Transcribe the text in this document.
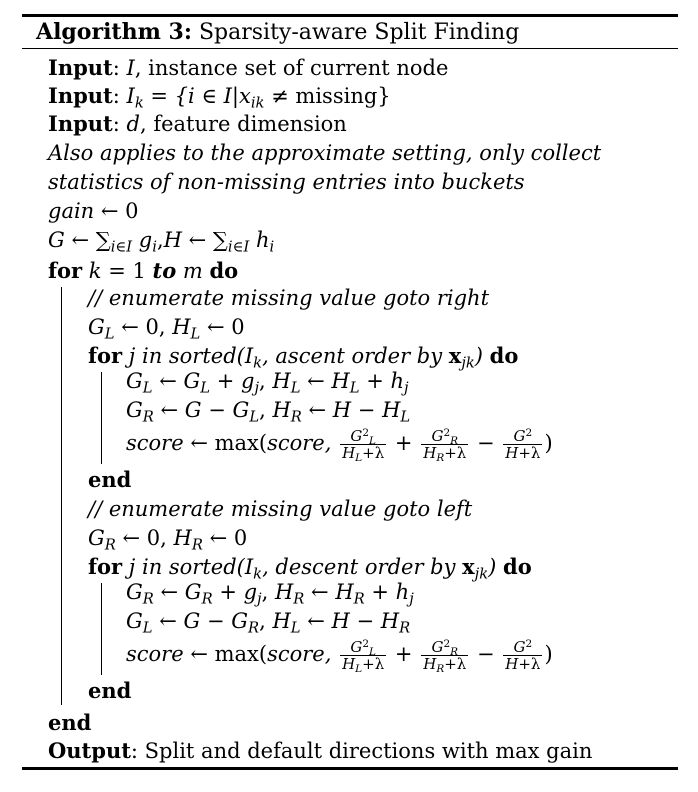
Algorithm 3: Sparsity-aware Split Finding
Input: I, instance set of current node
Input: $I_k = \{i$ ∈ $I|x_{ik} \ne missing$}
Input: d, feature dimension
Also applies to the approximate setting, only collect
statistics of non-missing entries into buckets
gain ← 0
G ← $\sum_{i\in I}$ $g_i,H$ ← $\sum_{i\in I}$ $h_i$
for k = 1 to m do
// enumerate missing value goto right
$G_L$ ← 0, $H_L$ ← 0
for j in $sorted(I_k$, ascent order by $x_{jk}$) do
$G_L$ ← $G_L + g_j$, $H_L$ ← $H_L + h_j$
$G_R$ ← $G - G_L$, $H_R$ ← $H - H_L$
score ← max(score, $\frac{G^2_L}{H_L+\lambda} + \frac{G^2_R}{H_R+\lambda} - \frac{G^2}{H+\lambda}$ )
end
// enumerate missing value goto left
$G_R$ ← 0, $H_R$ ← 0
for j in $sorted(I_k$, descent order by $x_{jk}$) do
$G_R$ ← $G_R + g_j$, $H_R$ ← $H_R + h_j$
$G_L$ ← $G - G_R$, $H_L$ ← $H - H_R$
score ← max(score, $\frac{G^2_L}{H_L+\lambda} + \frac{G^2_R}{H_R+\lambda} - \frac{G^2}{H+\lambda}$ )
end
end
Output: Split and default directions with max gain
